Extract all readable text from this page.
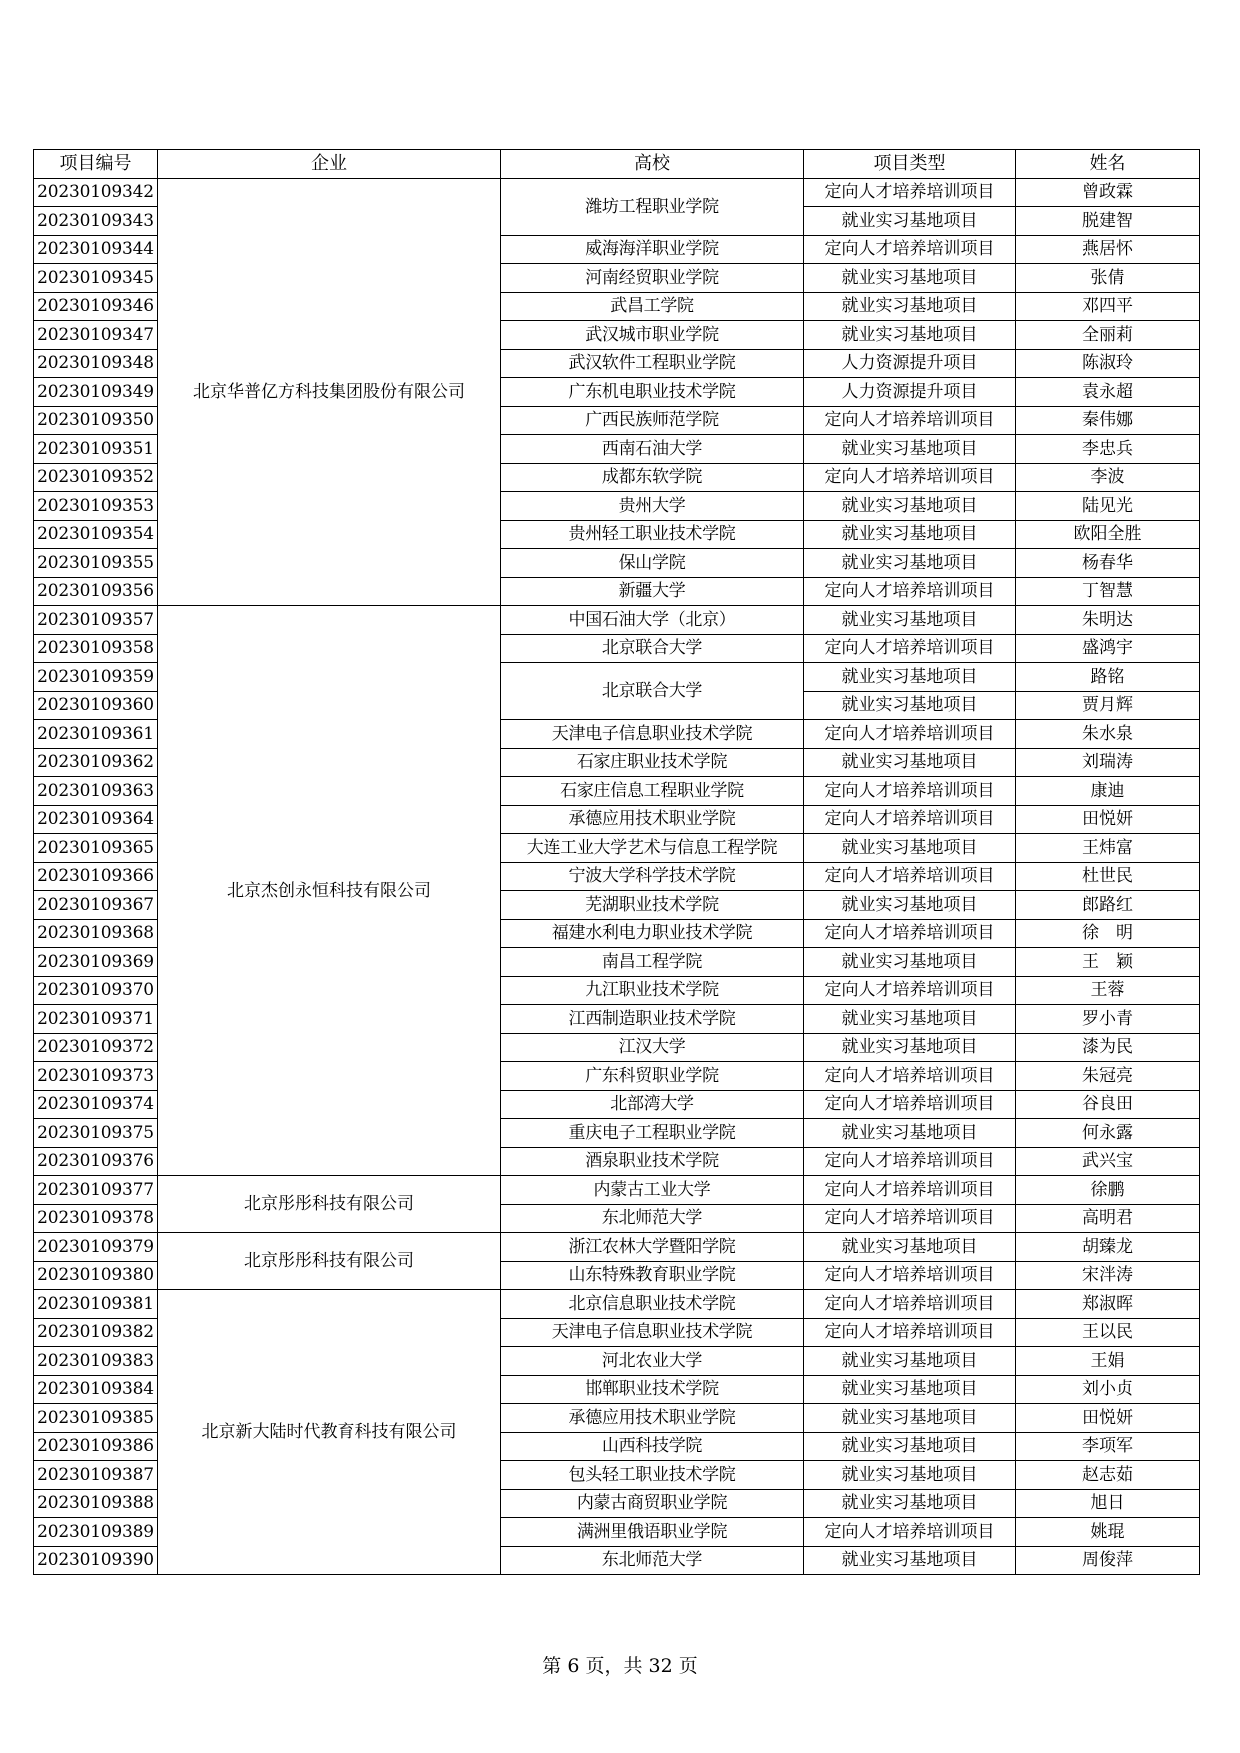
项目编号	企业	高校	项目类型	姓名
20230109342	北京华普亿方科技集团股份有限公司	潍坊工程职业学院	定向人才培养培训项目	曾政霖
20230109343			就业实习基地项目	脱建智
20230109344		威海海洋职业学院	定向人才培养培训项目	燕居怀
20230109345		河南经贸职业学院	就业实习基地项目	张倩
20230109346		武昌工学院	就业实习基地项目	邓四平
20230109347		武汉城市职业学院	就业实习基地项目	全丽莉
20230109348		武汉软件工程职业学院	人力资源提升项目	陈淑玲
20230109349		广东机电职业技术学院	人力资源提升项目	袁永超
20230109350		广西民族师范学院	定向人才培养培训项目	秦伟娜
20230109351		西南石油大学	就业实习基地项目	李忠兵
20230109352		成都东软学院	定向人才培养培训项目	李波
20230109353		贵州大学	就业实习基地项目	陆见光
20230109354		贵州轻工职业技术学院	就业实习基地项目	欧阳全胜
20230109355		保山学院	就业实习基地项目	杨春华
20230109356		新疆大学	定向人才培养培训项目	丁智慧
20230109357	北京杰创永恒科技有限公司	中国石油大学（北京）	就业实习基地项目	朱明达
20230109358		北京联合大学	定向人才培养培训项目	盛鸿宇
20230109359		北京联合大学	就业实习基地项目	路铭
20230109360			就业实习基地项目	贾月辉
20230109361		天津电子信息职业技术学院	定向人才培养培训项目	朱水泉
20230109362		石家庄职业技术学院	就业实习基地项目	刘瑞涛
20230109363		石家庄信息工程职业学院	定向人才培养培训项目	康迪
20230109364		承德应用技术职业学院	定向人才培养培训项目	田悦妍
20230109365		大连工业大学艺术与信息工程学院	就业实习基地项目	王炜富
20230109366		宁波大学科学技术学院	定向人才培养培训项目	杜世民
20230109367		芜湖职业技术学院	就业实习基地项目	郎路红
20230109368		福建水利电力职业技术学院	定向人才培养培训项目	徐　明
20230109369		南昌工程学院	就业实习基地项目	王　颖
20230109370		九江职业技术学院	定向人才培养培训项目	王蓉
20230109371		江西制造职业技术学院	就业实习基地项目	罗小青
20230109372		江汉大学	就业实习基地项目	漆为民
20230109373		广东科贸职业学院	定向人才培养培训项目	朱冠亮
20230109374		北部湾大学	定向人才培养培训项目	谷良田
20230109375		重庆电子工程职业学院	就业实习基地项目	何永露
20230109376		酒泉职业技术学院	定向人才培养培训项目	武兴宝
20230109377	北京彤彤科技有限公司	内蒙古工业大学	定向人才培养培训项目	徐鹏
20230109378		东北师范大学	定向人才培养培训项目	高明君
20230109379	北京彤彤科技有限公司	浙江农林大学暨阳学院	就业实习基地项目	胡臻龙
20230109380		山东特殊教育职业学院	定向人才培养培训项目	宋泮涛
20230109381	北京新大陆时代教育科技有限公司	北京信息职业技术学院	定向人才培养培训项目	郑淑晖
20230109382		天津电子信息职业技术学院	定向人才培养培训项目	王以民
20230109383		河北农业大学	就业实习基地项目	王娟
20230109384		邯郸职业技术学院	就业实习基地项目	刘小贞
20230109385		承德应用技术职业学院	就业实习基地项目	田悦妍
20230109386		山西科技学院	就业实习基地项目	李项军
20230109387		包头轻工职业技术学院	就业实习基地项目	赵志茹
20230109388		内蒙古商贸职业学院	就业实习基地项目	旭日
20230109389		满洲里俄语职业学院	定向人才培养培训项目	姚琨
20230109390		东北师范大学	就业实习基地项目	周俊萍
第 6 页，共 32 页
